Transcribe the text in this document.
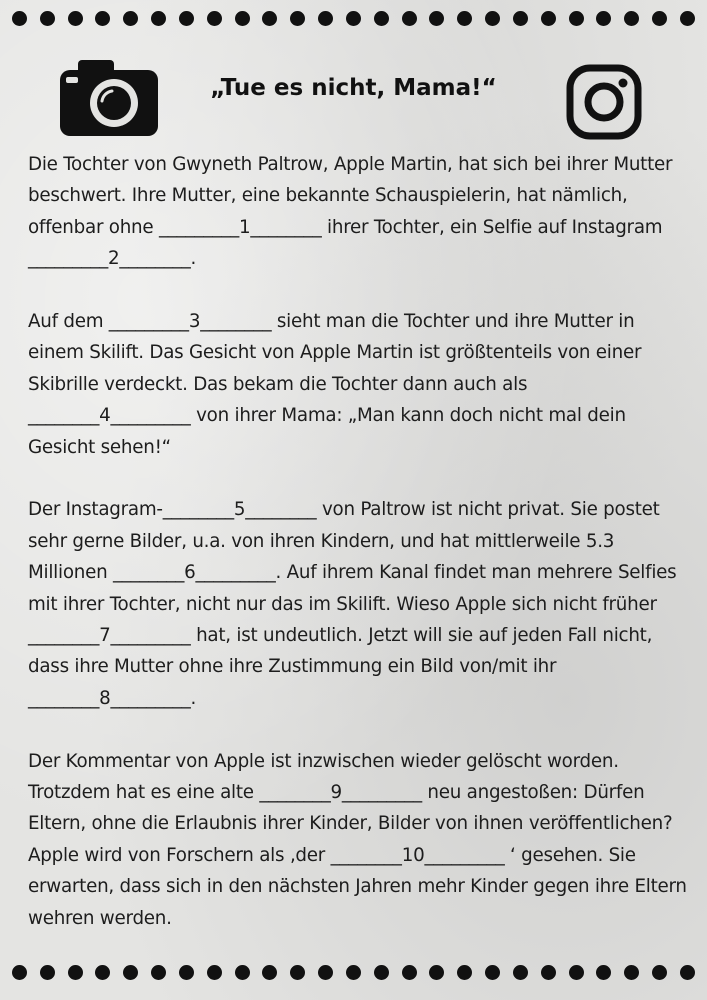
„Tue es nicht, Mama!“

Die Tochter von Gwyneth Paltrow, Apple Martin, hat sich bei ihrer Mutter beschwert. Ihre Mutter, eine bekannte Schauspielerin, hat nämlich, offenbar ohne _________1________ ihrer Tochter, ein Selfie auf Instagram _________2________.

Auf dem _________3________ sieht man die Tochter und ihre Mutter in einem Skilift. Das Gesicht von Apple Martin ist größtenteils von einer Skibrille verdeckt. Das bekam die Tochter dann auch als ________4_________ von ihrer Mama: „Man kann doch nicht mal dein Gesicht sehen!“

Der Instagram-________5________ von Paltrow ist nicht privat. Sie postet sehr gerne Bilder, u.a. von ihren Kindern, und hat mittlerweile 5.3 Millionen ________6_________. Auf ihrem Kanal findet man mehrere Selfies mit ihrer Tochter, nicht nur das im Skilift. Wieso Apple sich nicht früher ________7_________ hat, ist undeutlich. Jetzt will sie auf jeden Fall nicht, dass ihre Mutter ohne ihre Zustimmung ein Bild von/mit ihr ________8_________.

Der Kommentar von Apple ist inzwischen wieder gelöscht worden. Trotzdem hat es eine alte ________9_________ neu angestoßen: Dürfen Eltern, ohne die Erlaubnis ihrer Kinder, Bilder von ihnen veröffentlichen? Apple wird von Forschern als ‚der ________10_________ ‘ gesehen. Sie erwarten, dass sich in den nächsten Jahren mehr Kinder gegen ihre Eltern wehren werden.
